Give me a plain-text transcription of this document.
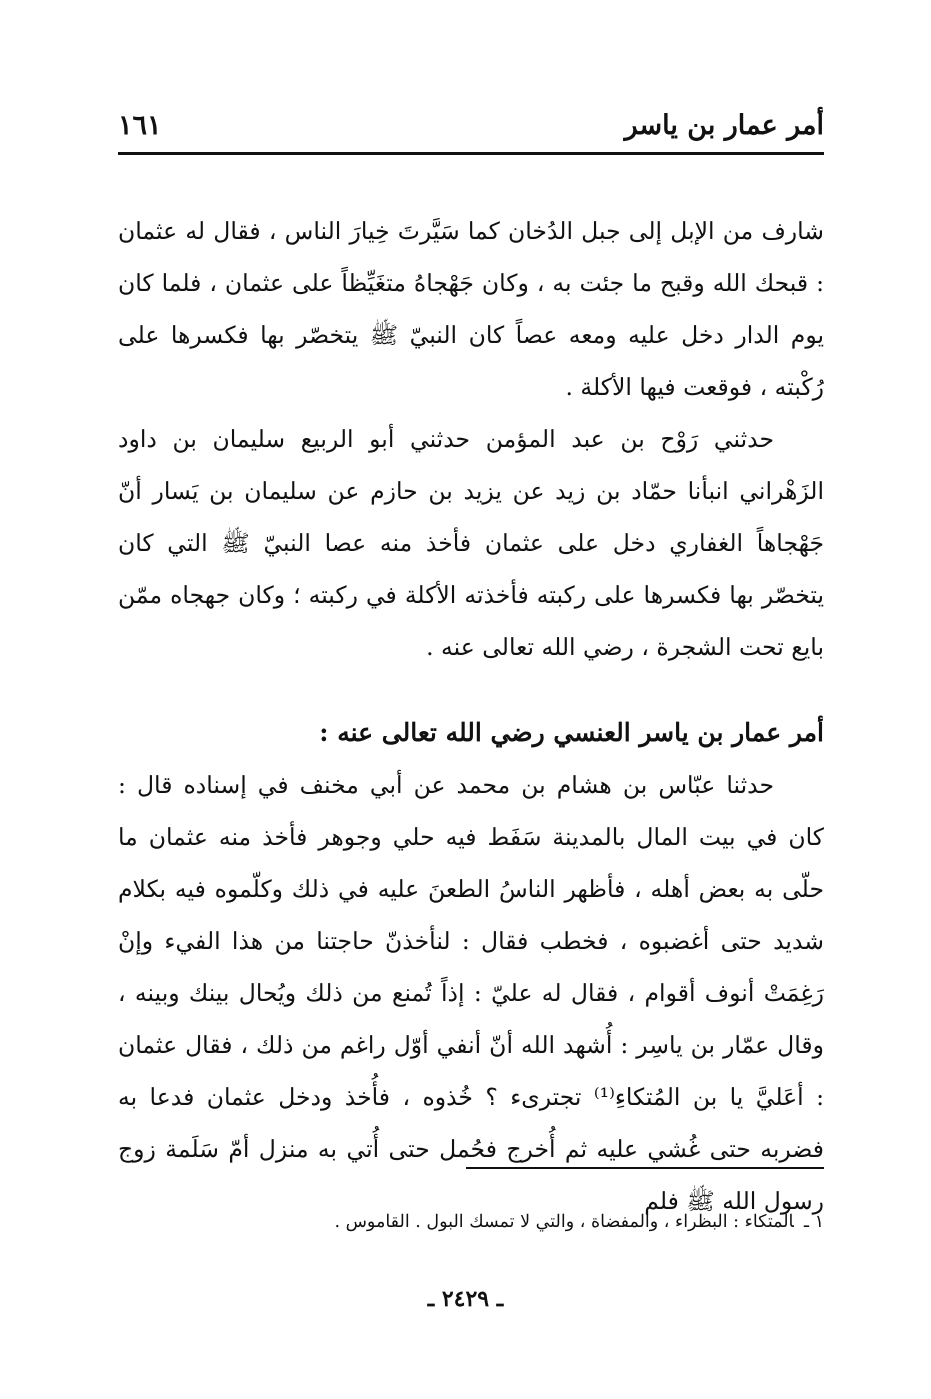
أمر عمار بن ياسر
١٦١

شارف من الإبل إلى جبل الدُخان كما سَيَّرتَ خِيارَ الناس ، فقال له عثمان : قبحك الله وقبح ما جئت به ، وكان جَهْجاهُ متغَيِّظاً على عثمان ، فلما كان يوم الدار دخل عليه ومعه عصاً كان النبيّ ﷺ يتخصّر بها فكسرها على رُكْبته ، فوقعت فيها الأكلة .

حدثني رَوْح بن عبد المؤمن حدثني أبو الربيع سليمان بن داود الزَهْراني انبأنا حمّاد بن زيد عن يزيد بن حازم عن سليمان بن يَسار أنّ جَهْجاهاً الغفاري دخل على عثمان فأخذ منه عصا النبيّ ﷺ التي كان يتخصّر بها فكسرها على ركبته فأخذته الأكلة في ركبته ؛ وكان جهجاه ممّن بايع تحت الشجرة ، رضي الله تعالى عنه .

أمر عمار بن ياسر العنسي رضي الله تعالى عنه :

حدثنا عبّاس بن هشام بن محمد عن أبي مخنف في إسناده قال : كان في بيت المال بالمدينة سَفَط فيه حلي وجوهر فأخذ منه عثمان ما حلّى به بعض أهله ، فأظهر الناسُ الطعنَ عليه في ذلك وكلّموه فيه بكلام شديد حتى أغضبوه ، فخطب فقال : لنأخذنّ حاجتنا من هذا الفيء وإنْ رَغِمَتْ أنوف أقوام ، فقال له عليّ : إذاً تُمنع من ذلك ويُحال بينك وبينه ، وقال عمّار بن ياسِر : أُشهد الله أنّ أنفي أوّل راغم من ذلك ، فقال عثمان : أعَليَّ يا بن المُتكاءِ⁽¹⁾ تجترىء ؟ خُذوه ، فأُخذ ودخل عثمان فدعا به فضربه حتى غُشي عليه ثم أُخرج فحُمل حتى أُتي به منزل أمّ سَلَمة زوج رسول الله ﷺ فلم

١ ـالمتكاء : البظراء ، والمفضاة ، والتي لا تمسك البول . القاموس .
ـ ٢٤٢٩ ـ
